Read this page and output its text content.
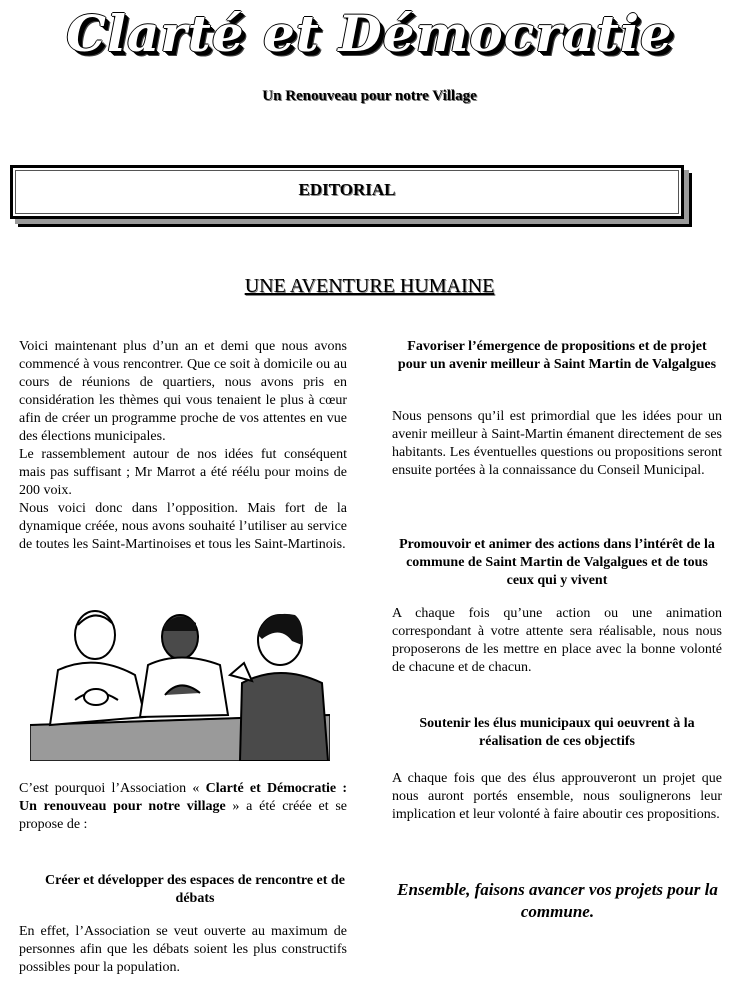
Clarté et Démocratie
Un Renouveau pour notre Village
EDITORIAL
UNE AVENTURE HUMAINE

Voici maintenant plus d’un an et demi que nous avons commencé à vous rencontrer. Que ce soit à domicile ou au cours de réunions de quartiers, nous avons pris en considération les thèmes qui vous tenaient le plus à cœur afin de créer un programme proche de vos attentes en vue des élections municipales.

Le rassemblement autour de nos idées fut conséquent mais pas suffisant ; Mr Marrot a été réélu pour moins de 200 voix.

Nous voici donc dans l’opposition. Mais fort de la dynamique créée, nous avons souhaité l’utiliser au service de toutes les Saint-Martinoises et tous les Saint-Martinois.

C’est pourquoi l’Association « Clarté et Démocratie : Un renouveau pour notre village » a été créée et se propose de :
Créer et développer des espaces de rencontre et de débats
En effet, l’Association se veut ouverte au maximum de personnes afin que les débats soient les plus constructifs possibles pour la population.

Favoriser l’émergence de propositions et de projet pour un avenir meilleur à Saint Martin de Valgalgues

Nous pensons qu’il est primordial que les idées pour un avenir meilleur à Saint-Martin émanent directement de ses habitants. Les éventuelles questions ou propositions seront ensuite portées à la connaissance du Conseil Municipal.

Promouvoir et animer des actions dans l’intérêt de la commune de Saint Martin de Valgalgues et de tous ceux qui y vivent

A chaque fois qu’une action ou une animation correspondant à votre attente sera réalisable, nous nous proposerons de les mettre en place avec la bonne volonté de chacune et de chacun.

Soutenir les élus municipaux qui oeuvrent à la réalisation de ces objectifs

A chaque fois que des élus approuveront un projet que nous auront portés ensemble, nous soulignerons leur implication et leur volonté à faire aboutir ces propositions.

Ensemble, faisons avancer vos projets pour la commune.
